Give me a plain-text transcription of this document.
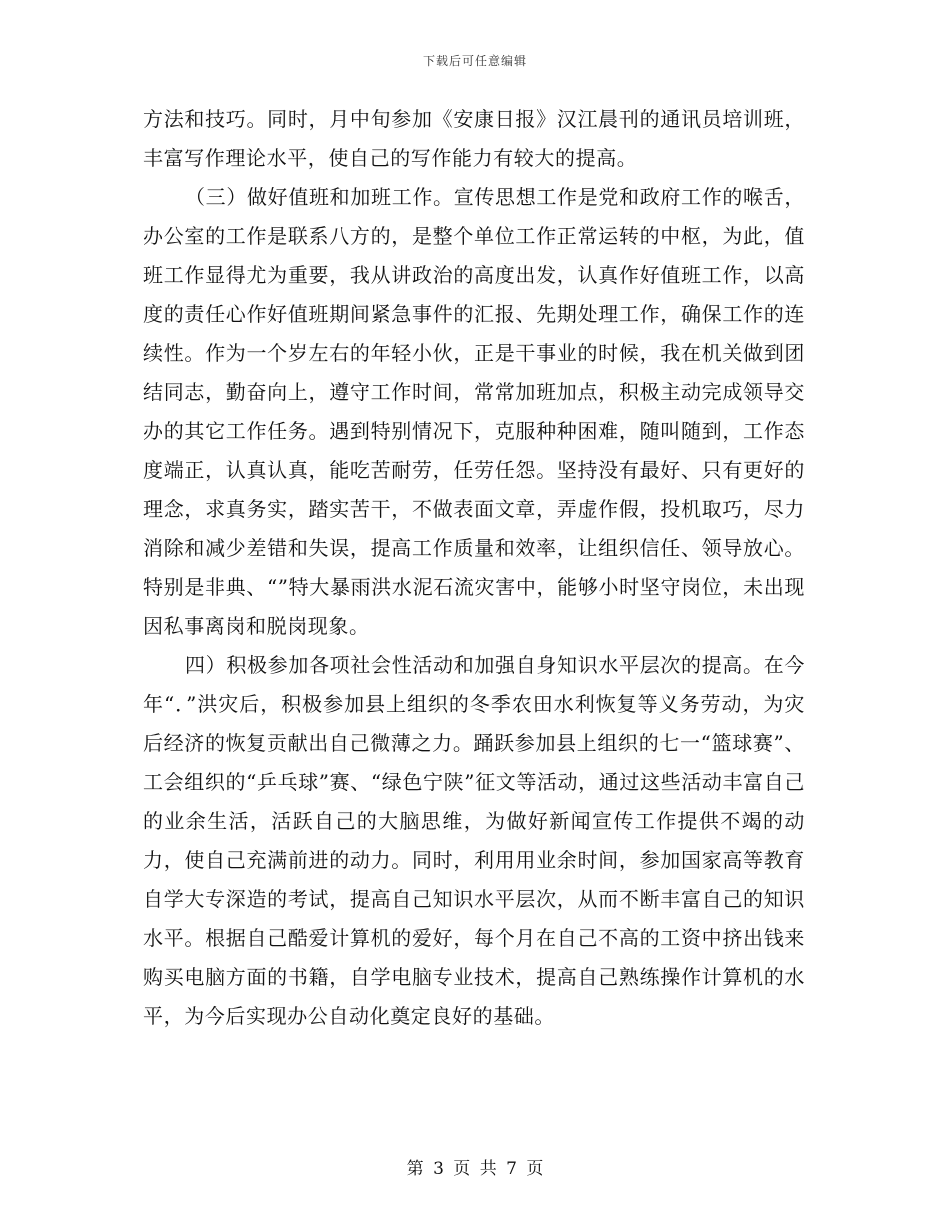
下载后可任意编辑

方法和技巧。同时，月中旬参加《安康日报》汉江晨刊的通讯员培训班，丰富写作理论水平，使自己的写作能力有较大的提高。

（三）做好值班和加班工作。宣传思想工作是党和政府工作的喉舌，办公室的工作是联系八方的，是整个单位工作正常运转的中枢，为此，值班工作显得尤为重要，我从讲政治的高度出发，认真作好值班工作，以高度的责任心作好值班期间紧急事件的汇报、先期处理工作，确保工作的连续性。作为一个岁左右的年轻小伙，正是干事业的时候，我在机关做到团结同志，勤奋向上，遵守工作时间，常常加班加点，积极主动完成领导交办的其它工作任务。遇到特别情况下，克服种种困难，随叫随到，工作态度端正，认真认真，能吃苦耐劳，任劳任怨。坚持没有最好、只有更好的理念，求真务实，踏实苦干，不做表面文章，弄虚作假，投机取巧，尽力消除和减少差错和失误，提高工作质量和效率，让组织信任、领导放心。特别是非典、“”特大暴雨洪水泥石流灾害中，能够小时坚守岗位，未出现因私事离岗和脱岗现象。

四）积极参加各项社会性活动和加强自身知识水平层次的提高。在今年“．”洪灾后，积极参加县上组织的冬季农田水利恢复等义务劳动，为灾后经济的恢复贡献出自己微薄之力。踊跃参加县上组织的七一“篮球赛”、工会组织的“乒乓球”赛、“绿色宁陕”征文等活动，通过这些活动丰富自己的业余生活，活跃自己的大脑思维，为做好新闻宣传工作提供不竭的动力，使自己充满前进的动力。同时，利用用业余时间，参加国家高等教育自学大专深造的考试，提高自己知识水平层次，从而不断丰富自己的知识水平。根据自己酷爱计算机的爱好，每个月在自己不高的工资中挤出钱来购买电脑方面的书籍，自学电脑专业技术，提高自己熟练操作计算机的水平，为今后实现办公自动化奠定良好的基础。

第 3 页 共 7 页
